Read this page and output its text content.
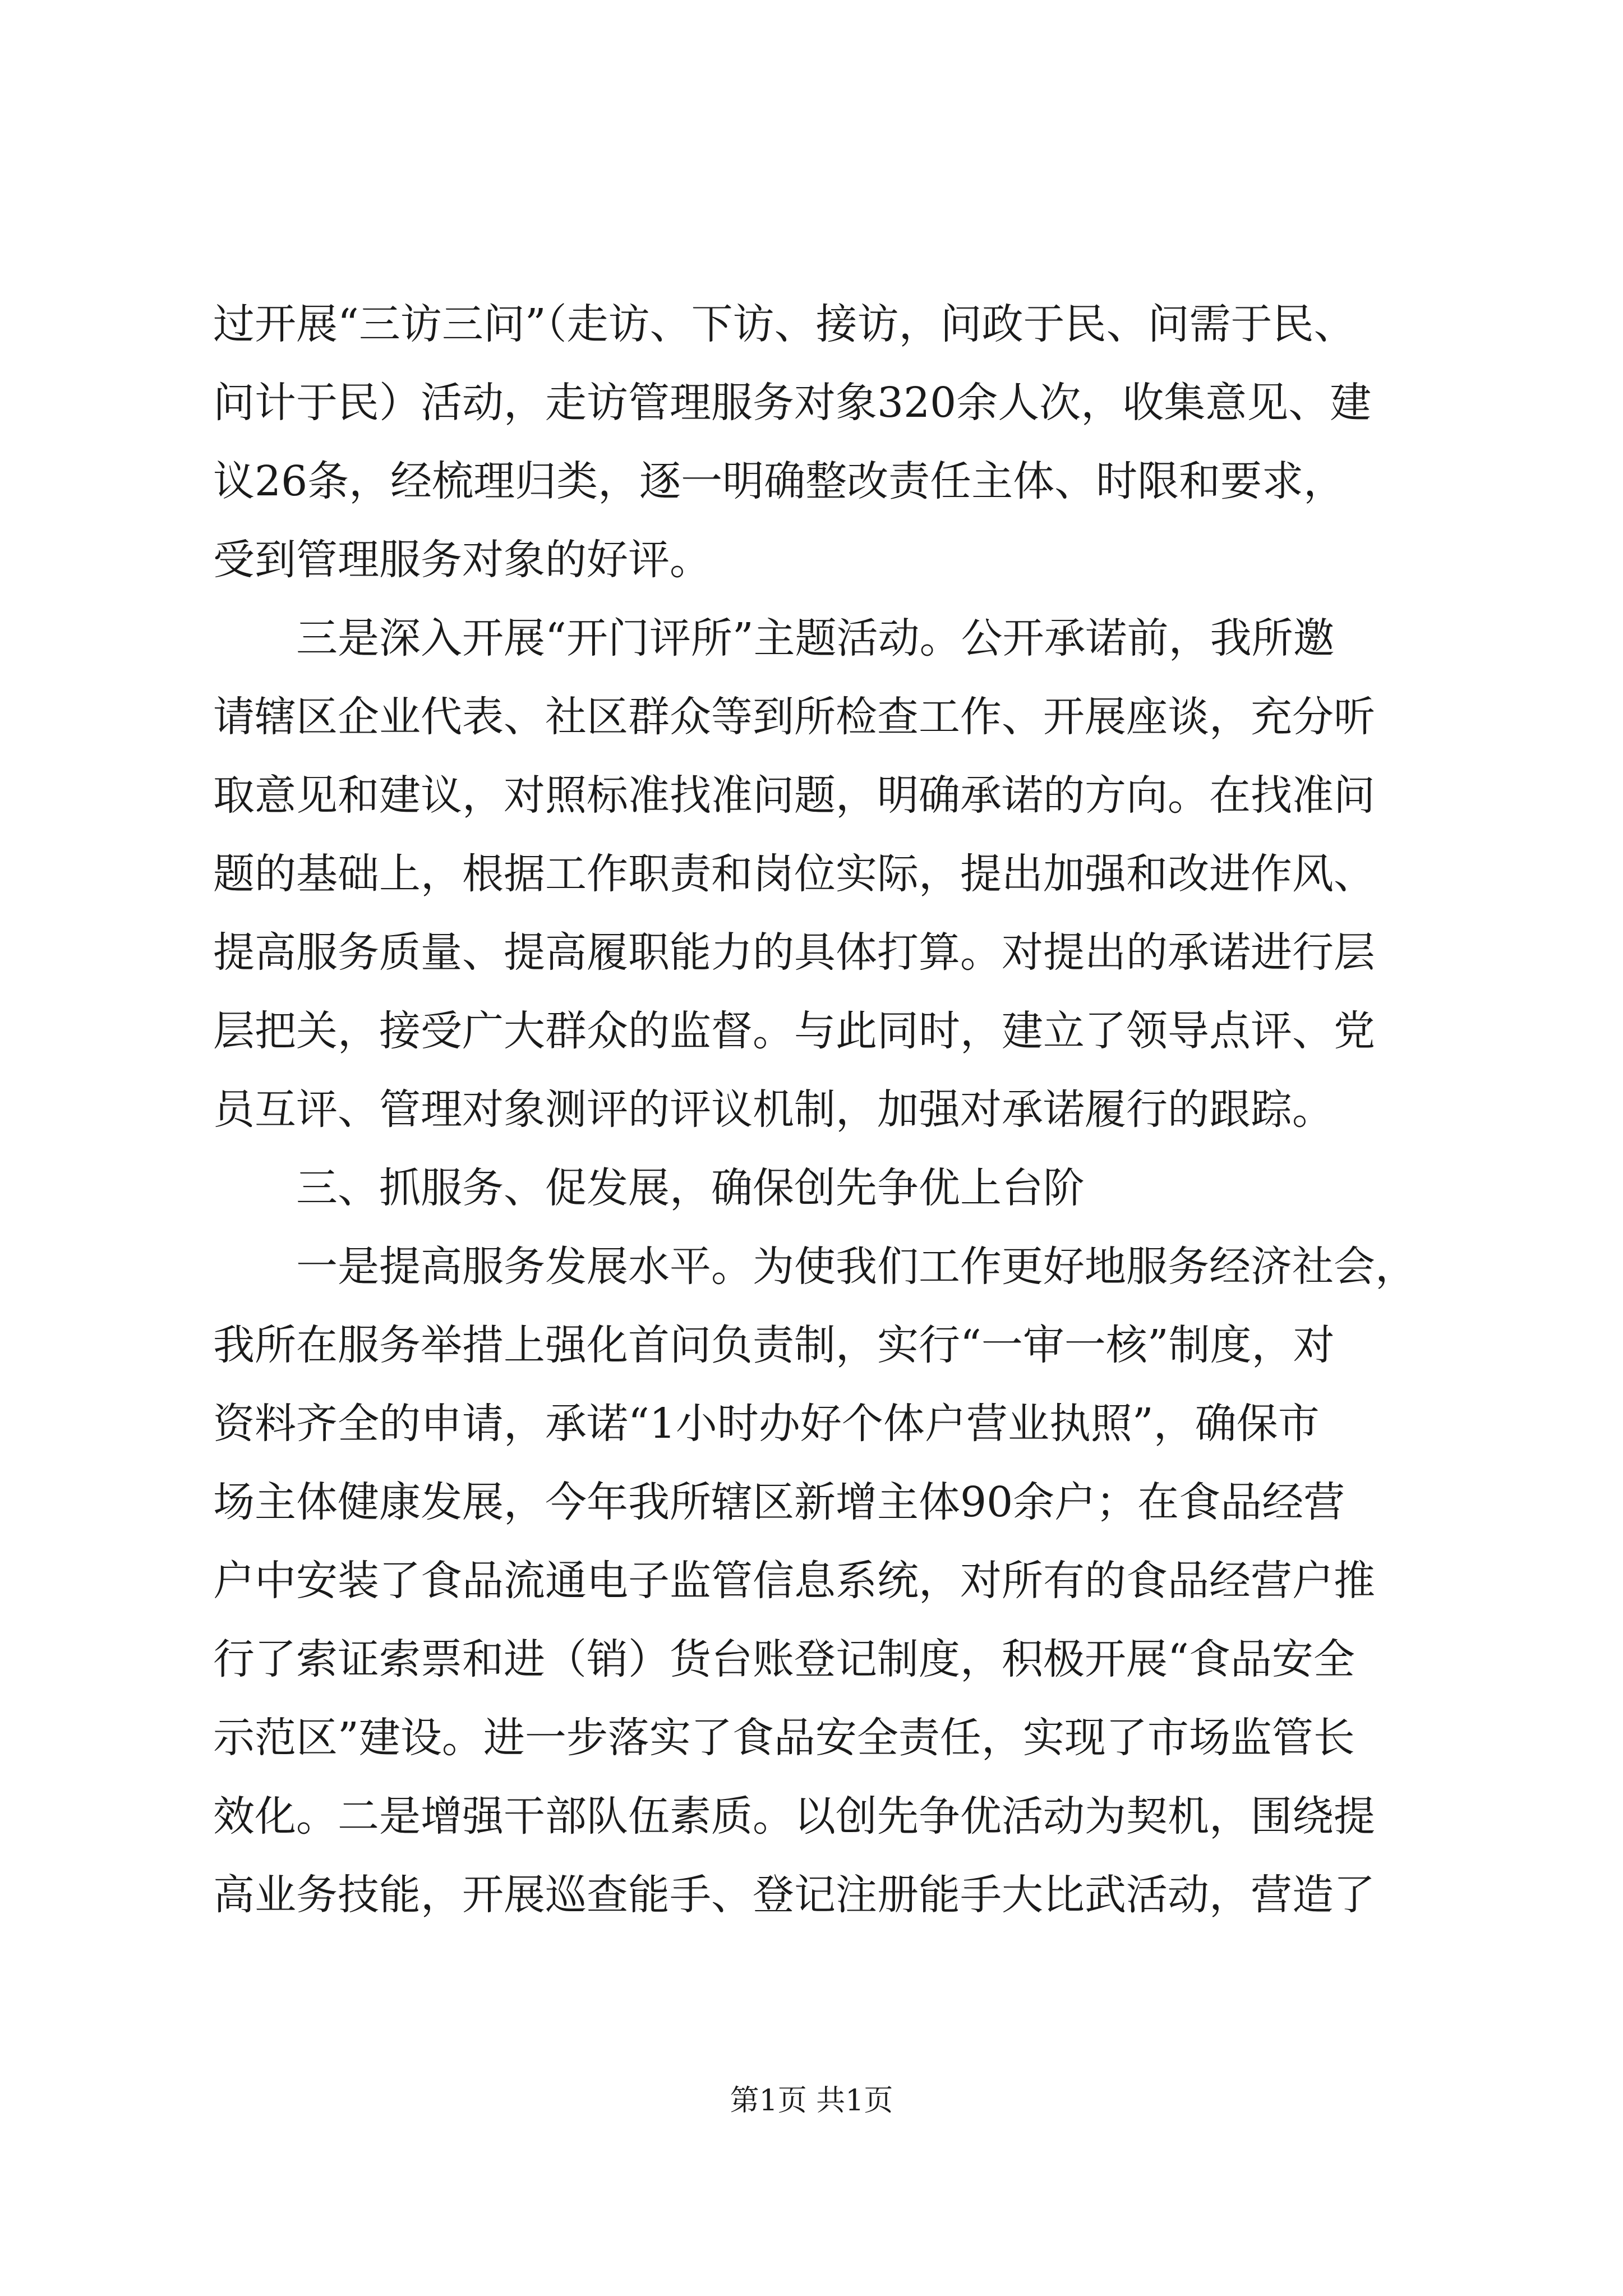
过开展“三访三问”（走访、下访、接访，问政于民、问需于民、
问计于民）活动，走访管理服务对象320余人次，收集意见、建
议26条，经梳理归类，逐一明确整改责任主体、时限和要求，
受到管理服务对象的好评。
三是深入开展“开门评所”主题活动。公开承诺前，我所邀
请辖区企业代表、社区群众等到所检查工作、开展座谈，充分听
取意见和建议，对照标准找准问题，明确承诺的方向。在找准问
题的基础上，根据工作职责和岗位实际，提出加强和改进作风、
提高服务质量、提高履职能力的具体打算。对提出的承诺进行层
层把关，接受广大群众的监督。与此同时，建立了领导点评、党
员互评、管理对象测评的评议机制，加强对承诺履行的跟踪。
三、抓服务、促发展，确保创先争优上台阶
一是提高服务发展水平。为使我们工作更好地服务经济社会，
我所在服务举措上强化首问负责制，实行“一审一核”制度，对
资料齐全的申请，承诺“1小时办好个体户营业执照”，确保市
场主体健康发展，今年我所辖区新增主体90余户；在食品经营
户中安装了食品流通电子监管信息系统，对所有的食品经营户推
行了索证索票和进（销）货台账登记制度，积极开展“食品安全
示范区”建设。进一步落实了食品安全责任，实现了市场监管长
效化。二是增强干部队伍素质。以创先争优活动为契机，围绕提
高业务技能，开展巡查能手、登记注册能手大比武活动，营造了
第1页 共1页
